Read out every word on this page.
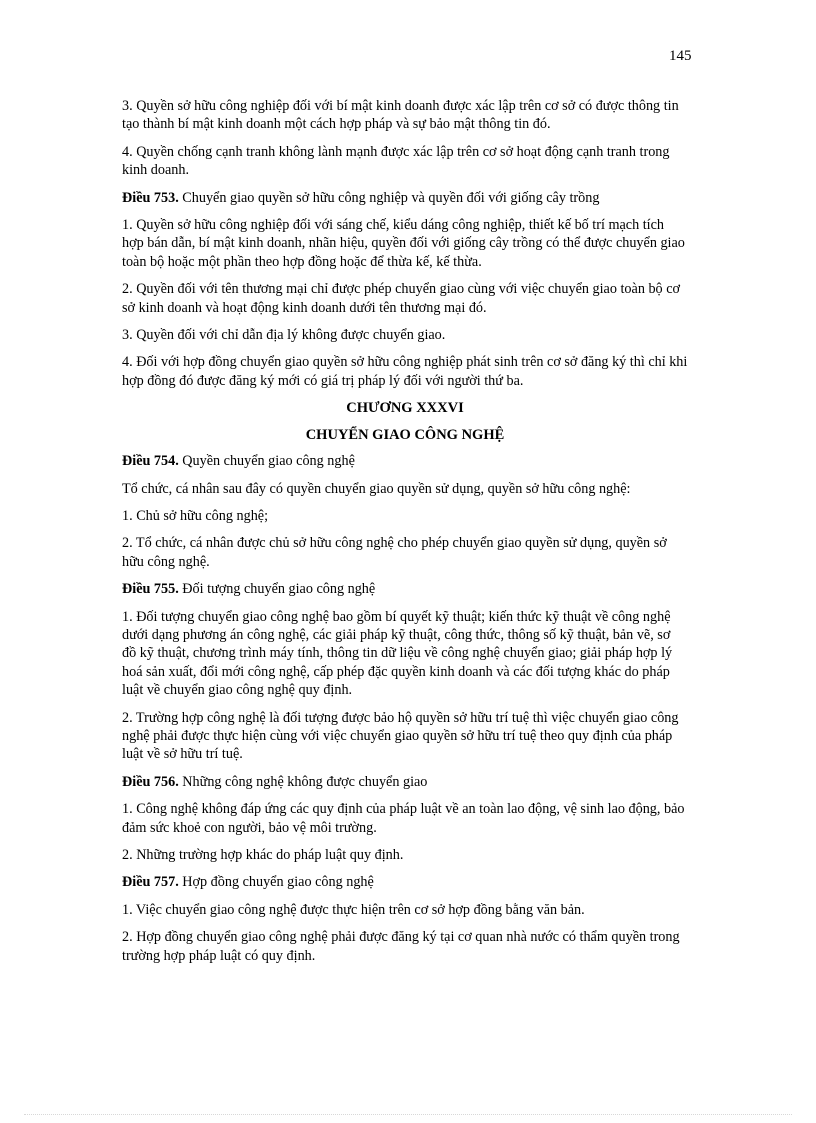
145

3. Quyền sở hữu công nghiệp đối với bí mật kinh doanh được xác lập trên cơ sở có được thông tin tạo thành bí mật kinh doanh một cách hợp pháp và sự bảo mật thông tin đó.

4. Quyền chống cạnh tranh không lành mạnh được xác lập trên cơ sở hoạt động cạnh tranh trong kinh doanh.

Điều 753. Chuyển giao quyền sở hữu công nghiệp và quyền đối với giống cây trồng

1. Quyền sở hữu công nghiệp đối với sáng chế, kiểu dáng công nghiệp, thiết kế bố trí mạch tích hợp bán dẫn, bí mật kinh doanh, nhãn hiệu, quyền đối với giống cây trồng có thể được chuyển giao toàn bộ hoặc một phần theo hợp đồng hoặc để thừa kế, kế thừa.

2. Quyền đối với tên thương mại chỉ được phép chuyển giao cùng với việc chuyển giao toàn bộ cơ sở kinh doanh và hoạt động kinh doanh dưới tên thương mại đó.

3. Quyền đối với chỉ dẫn địa lý không được chuyển giao.

4. Đối với hợp đồng chuyển giao quyền sở hữu công nghiệp phát sinh trên cơ sở đăng ký thì chỉ khi hợp đồng đó được đăng ký mới có giá trị pháp lý đối với người thứ ba.

CHƯƠNG XXXVI
CHUYỂN GIAO CÔNG NGHỆ

Điều 754. Quyền chuyển giao công nghệ

Tổ chức, cá nhân sau đây có quyền chuyển giao quyền sử dụng, quyền sở hữu công nghệ:

1. Chủ sở hữu công nghệ;

2. Tổ chức, cá nhân được chủ sở hữu công nghệ cho phép chuyển giao quyền sử dụng, quyền sở hữu công nghệ.

Điều 755. Đối tượng chuyển giao công nghệ

1. Đối tượng chuyển giao công nghệ bao gồm bí quyết kỹ thuật; kiến thức kỹ thuật về công nghệ dưới dạng phương án công nghệ, các giải pháp kỹ thuật, công thức, thông số kỹ thuật, bản vẽ, sơ đồ kỹ thuật, chương trình máy tính, thông tin dữ liệu về công nghệ chuyển giao; giải pháp hợp lý hoá sản xuất, đổi mới công nghệ, cấp phép đặc quyền kinh doanh và các đối tượng khác do pháp luật về chuyển giao công nghệ quy định.

2. Trường hợp công nghệ là đối tượng được bảo hộ quyền sở hữu trí tuệ thì việc chuyển giao công nghệ phải được thực hiện cùng với việc chuyển giao quyền sở hữu trí tuệ theo quy định của pháp luật về sở hữu trí tuệ.

Điều 756. Những công nghệ không được chuyển giao

1. Công nghệ không đáp ứng các quy định của pháp luật về an toàn lao động, vệ sinh lao động, bảo đảm sức khoẻ con người, bảo vệ môi trường.

2. Những trường hợp khác do pháp luật quy định.

Điều 757. Hợp đồng chuyển giao công nghệ

1. Việc chuyển giao công nghệ được thực hiện trên cơ sở hợp đồng bằng văn bản.

2. Hợp đồng chuyển giao công nghệ phải được đăng ký tại cơ quan nhà nước có thẩm quyền trong trường hợp pháp luật có quy định.
